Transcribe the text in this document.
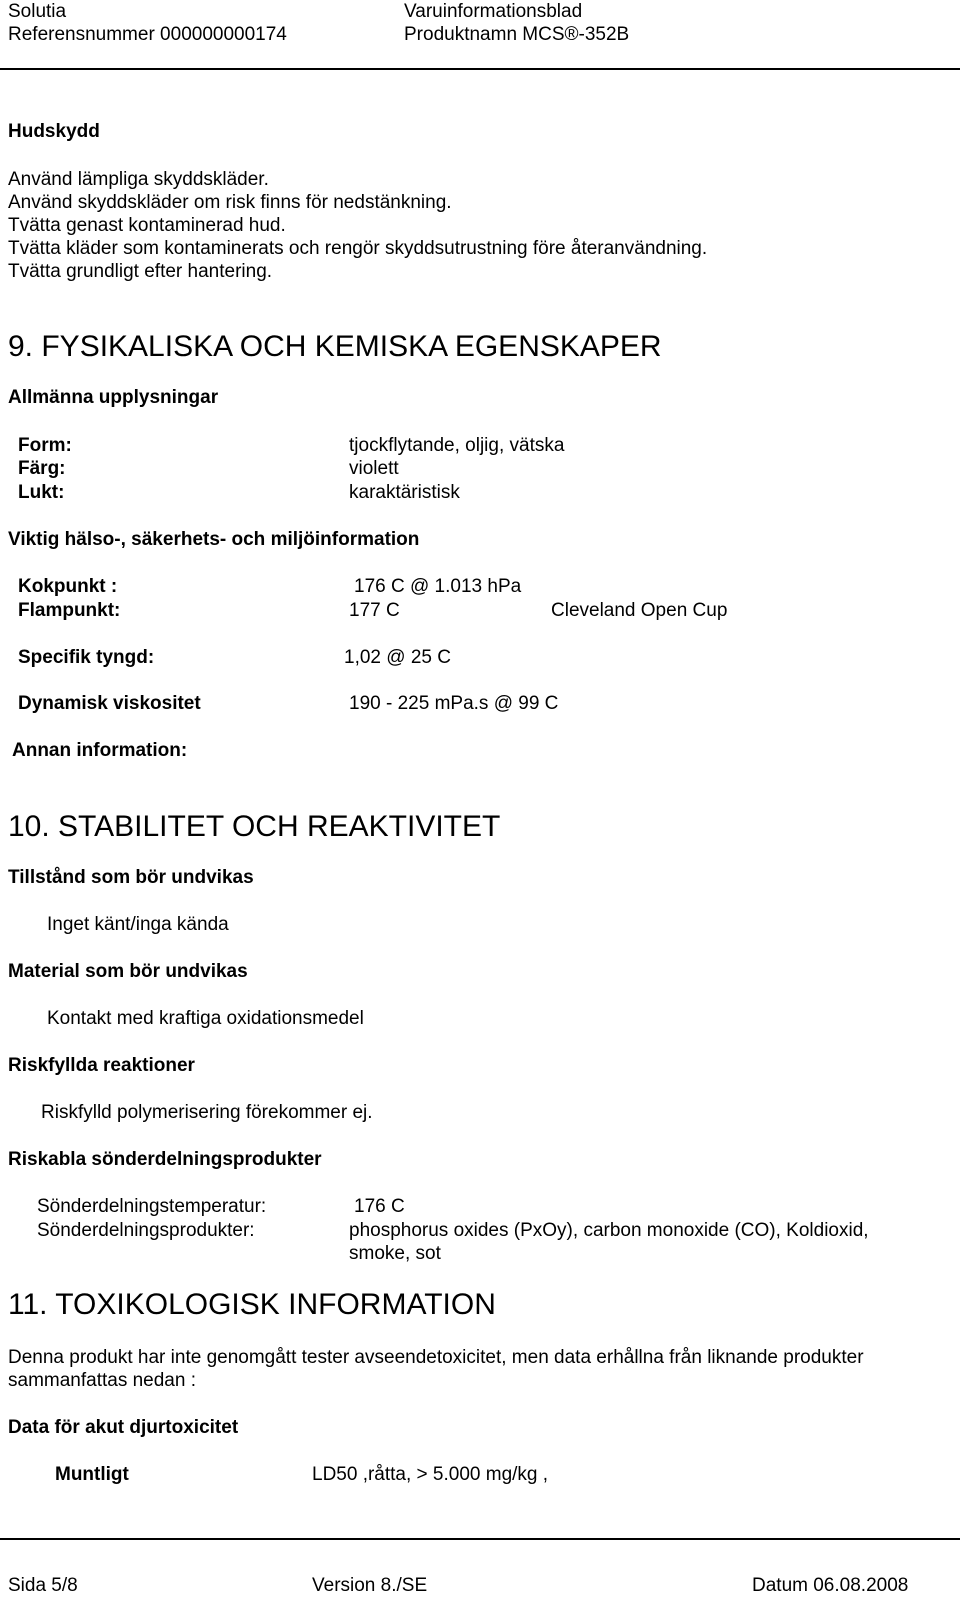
Solutia	Varuinformationsblad
Referensnummer 000000000174	Produktnamn MCS®-352B
Hudskydd
Använd lämpliga skyddskläder.
Använd skyddskläder om risk finns för nedstänkning.
Tvätta genast kontaminerad hud.
Tvätta kläder som kontaminerats och rengör skyddsutrustning före återanvändning.
Tvätta grundligt efter hantering.
9. FYSIKALISKA OCH KEMISKA EGENSKAPER
Allmänna upplysningar
Form:	tjockflytande, oljig, vätska
Färg:	violett
Lukt:	karaktäristisk
Viktig hälso-, säkerhets- och miljöinformation
Kokpunkt :	176 C @ 1.013 hPa
Flampunkt:	177 C	Cleveland Open Cup
Specifik tyngd:	1,02 @ 25 C
Dynamisk viskositet	190 - 225 mPa.s @ 99 C
Annan information:
10. STABILITET OCH REAKTIVITET
Tillstånd som bör undvikas
Inget känt/inga kända
Material som bör undvikas
Kontakt med kraftiga oxidationsmedel
Riskfyllda reaktioner
Riskfylld polymerisering förekommer ej.
Riskabla sönderdelningsprodukter
Sönderdelningstemperatur:	176 C
Sönderdelningsprodukter:	phosphorus oxides (PxOy), carbon monoxide (CO), Koldioxid,
smoke, sot
11. TOXIKOLOGISK INFORMATION
Denna produkt har inte genomgått tester avseendetoxicitet, men data erhållna från liknande produkter
sammanfattas nedan :
Data för akut djurtoxicitet
Muntligt	LD50 ,råtta, > 5.000 mg/kg ,
Sida 5/8	Version 8./SE	Datum 06.08.2008
